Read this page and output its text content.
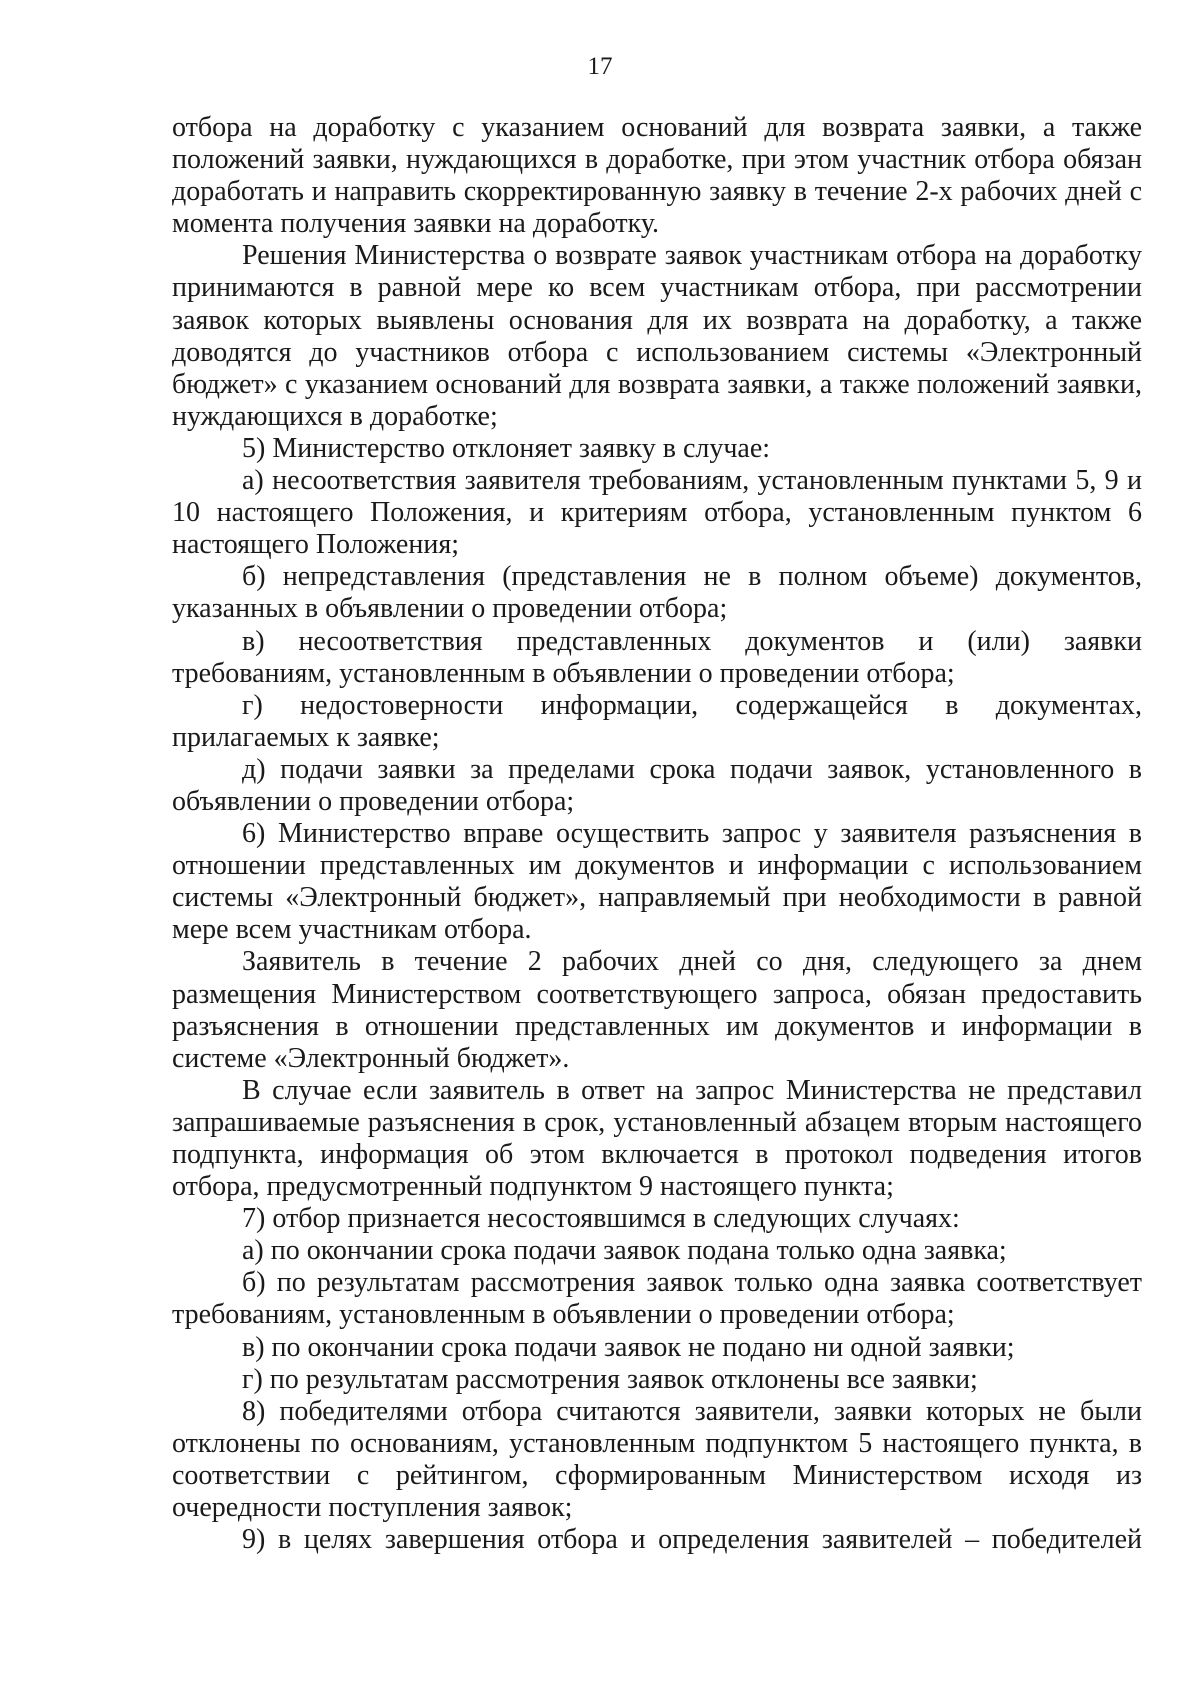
17

отбора на доработку с указанием оснований для возврата заявки, а также положений заявки, нуждающихся в доработке, при этом участник отбора обязан доработать и направить скорректированную заявку в течение 2-х рабочих дней с момента получения заявки на доработку.

Решения Министерства о возврате заявок участникам отбора на доработку принимаются в равной мере ко всем участникам отбора, при рассмотрении заявок которых выявлены основания для их возврата на доработку, а также доводятся до участников отбора с использованием системы «Электронный бюджет» с указанием оснований для возврата заявки, а также положений заявки, нуждающихся в доработке;

5) Министерство отклоняет заявку в случае:

а) несоответствия заявителя требованиям, установленным пунктами 5, 9 и 10 настоящего Положения, и критериям отбора, установленным пунктом 6 настоящего Положения;

б) непредставления (представления не в полном объеме) документов, указанных в объявлении о проведении отбора;

в) несоответствия представленных документов и (или) заявки требованиям, установленным в объявлении о проведении отбора;

г) недостоверности информации, содержащейся в документах, прилагаемых к заявке;

д) подачи заявки за пределами срока подачи заявок, установленного в объявлении о проведении отбора;

6) Министерство вправе осуществить запрос у заявителя разъяснения в отношении представленных им документов и информации с использованием системы «Электронный бюджет», направляемый при необходимости в равной мере всем участникам отбора.

Заявитель в течение 2 рабочих дней со дня, следующего за днем размещения Министерством соответствующего запроса, обязан предоставить разъяснения в отношении представленных им документов и информации в системе «Электронный бюджет».

В случае если заявитель в ответ на запрос Министерства не представил запрашиваемые разъяснения в срок, установленный абзацем вторым настоящего подпункта, информация об этом включается в протокол подведения итогов отбора, предусмотренный подпунктом 9 настоящего пункта;

7) отбор признается несостоявшимся в следующих случаях:

а) по окончании срока подачи заявок подана только одна заявка;

б) по результатам рассмотрения заявок только одна заявка соответствует требованиям, установленным в объявлении о проведении отбора;

в) по окончании срока подачи заявок не подано ни одной заявки;

г) по результатам рассмотрения заявок отклонены все заявки;

8) победителями отбора считаются заявители, заявки которых не были отклонены по основаниям, установленным подпунктом 5 настоящего пункта, в соответствии с рейтингом, сформированным Министерством исходя из очередности поступления заявок;

9) в целях завершения отбора и определения заявителей – победителей
